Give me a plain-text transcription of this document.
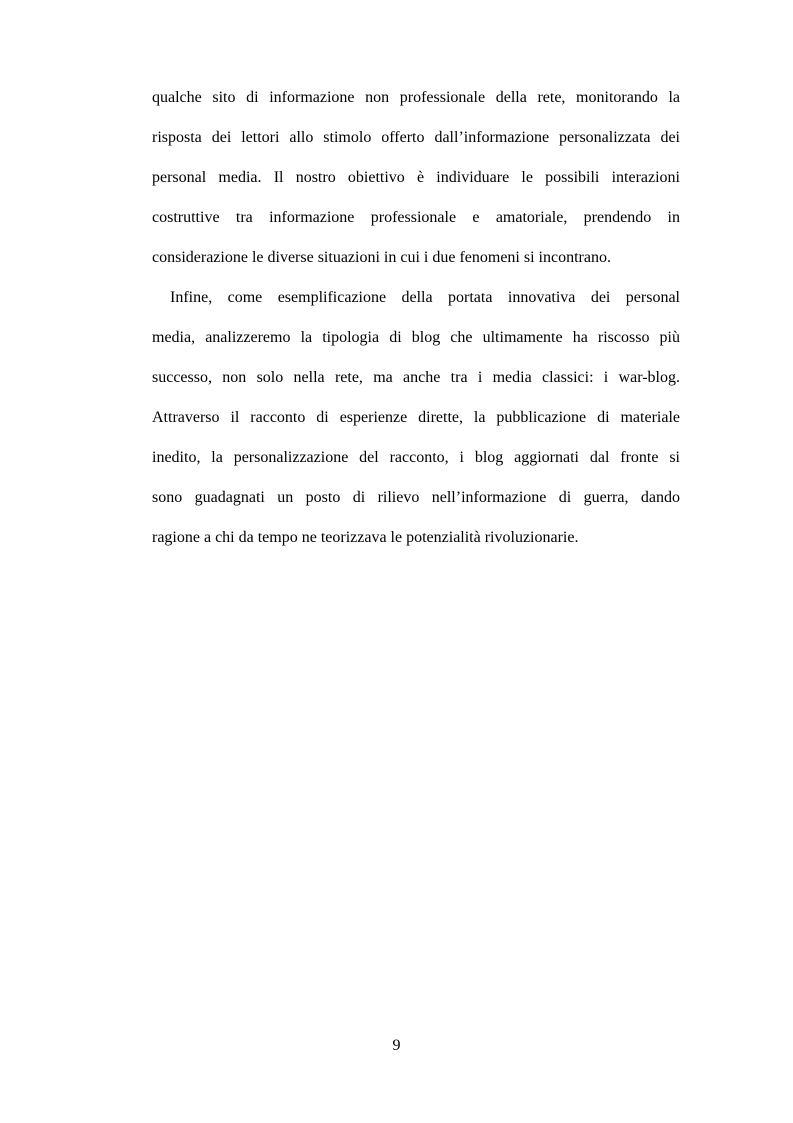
qualche sito di informazione non professionale della rete, monitorando la
risposta dei lettori allo stimolo offerto dall’informazione personalizzata dei
personal media. Il nostro obiettivo è individuare le possibili interazioni
costruttive tra informazione professionale e amatoriale, prendendo in
considerazione le diverse situazioni in cui i due fenomeni si incontrano.
Infine, come esemplificazione della portata innovativa dei personal
media, analizzeremo la tipologia di blog che ultimamente ha riscosso più
successo, non solo nella rete, ma anche tra i media classici: i war-blog.
Attraverso il racconto di esperienze dirette, la pubblicazione di materiale
inedito, la personalizzazione del racconto, i blog aggiornati dal fronte si
sono guadagnati un posto di rilievo nell’informazione di guerra, dando
ragione a chi da tempo ne teorizzava le potenzialità rivoluzionarie.
9
